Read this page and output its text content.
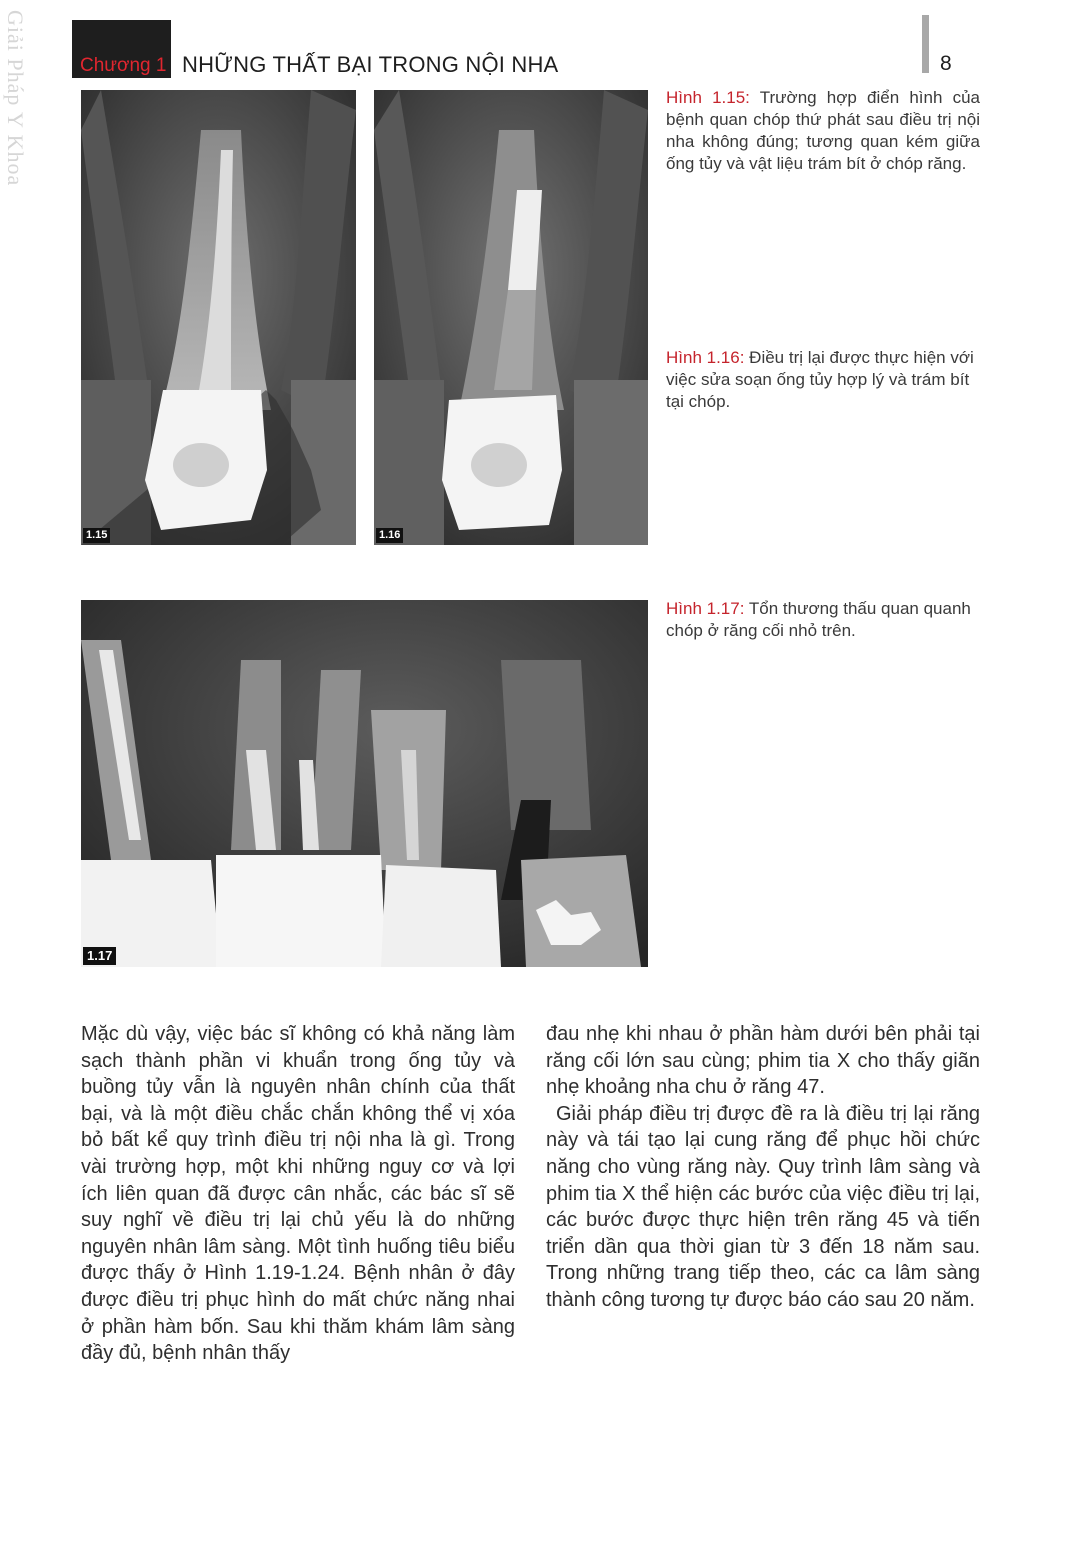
Giải Pháp Y Khoa	Chương 1 NHỮNG THẤT BẠI TRONG NỘI NHA	8
1.15	1.16
1.17
Hình 1.15: Trường hợp điển hình của bệnh quan chóp thứ phát sau điều trị nội nha không đúng; tương quan kém giữa ống tủy và vật liệu trám bít ở chóp răng.
Hình 1.16: Điều trị lại được thực hiện với việc sửa soạn ống tủy hợp lý và trám bít tại chóp.
Hình 1.17: Tổn thương thấu quan quanh chóp ở răng cối nhỏ trên.

Mặc dù vậy, việc bác sĩ không có khả năng làm sạch thành phần vi khuẩn trong ống tủy và buồng tủy vẫn là nguyên nhân chính của thất bại, và là một điều chắc chắn không thể vị xóa bỏ bất kể quy trình điều trị nội nha là gì. Trong vài trường hợp, một khi những nguy cơ và lợi ích liên quan đã được cân nhắc, các bác sĩ sẽ suy nghĩ về điều trị lại chủ yếu là do những nguyên nhân lâm sàng. Một tình huống tiêu biểu được thấy ở Hình 1.19-1.24. Bệnh nhân ở đây được điều trị phục hình do mất chức năng nhai ở phần hàm bốn. Sau khi thăm khám lâm sàng đầy đủ, bệnh nhân thấy

đau nhẹ khi nhau ở phần hàm dưới bên phải tại răng cối lớn sau cùng; phim tia X cho thấy giãn nhẹ khoảng nha chu ở răng 47.

Giải pháp điều trị được đề ra là điều trị lại răng này và tái tạo lại cung răng để phục hồi chức năng cho vùng răng này. Quy trình lâm sàng và phim tia X thể hiện các bước của việc điều trị lại, các bước được thực hiện trên răng 45 và tiến triển dần qua thời gian từ 3 đến 18 năm sau. Trong những trang tiếp theo, các ca lâm sàng thành công tương tự được báo cáo sau 20 năm.
